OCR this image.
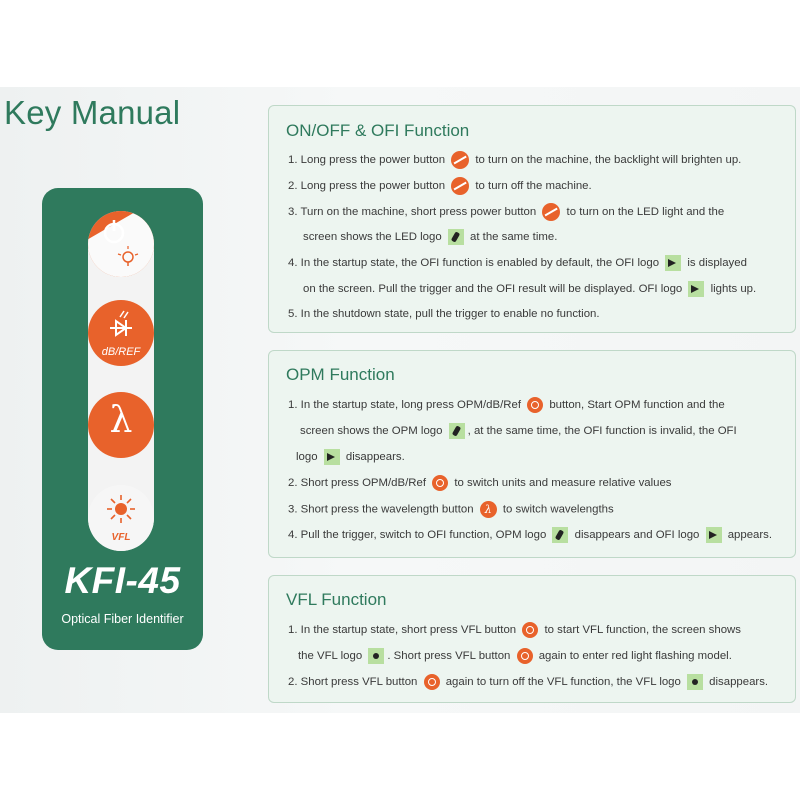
Key Manual
dB/REF
λ
VFL
KFI-45
Optical Fiber Identifier
ON/OFF & OFI Function
1. Long press the power button  to turn on the machine, the backlight will brighten up.
2. Long press the power button  to turn off the machine.
3. Turn on the machine, short press power button  to turn on the LED light and the
screen shows the LED logo  at the same time.
4. In the startup state, the OFI function is enabled by default, the OFI logo  is displayed
on the screen. Pull the trigger and the OFI result will be displayed. OFI logo  lights up.
5. In the shutdown state, pull the trigger to enable no function.
OPM Function
1. In the startup state, long press OPM/dB/Ref  button, Start OPM function and the
screen shows the OPM logo , at the same time, the OFI function is invalid, the OFI
logo  disappears.
2. Short press OPM/dB/Ref  to switch units and measure relative values
3. Short press the wavelength button λ to switch wavelengths
4. Pull the trigger, switch to OFI function, OPM logo  disappears and OFI logo  appears.
VFL Function
1. In the startup state, short press VFL button  to start VFL function, the screen shows
the VFL logo . Short press VFL button  again to enter red light flashing model.
2. Short press VFL button  again to turn off the VFL function, the VFL logo  disappears.
